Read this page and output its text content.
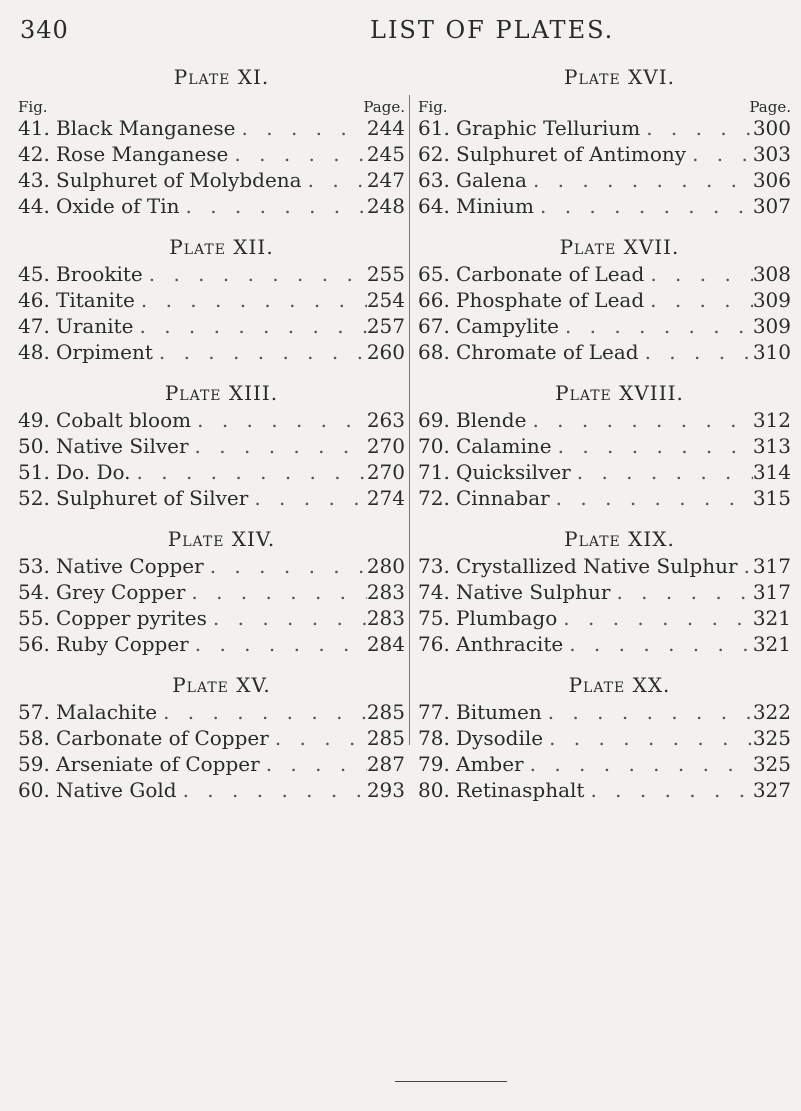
340	LIST OF PLATES.
Plate XI.
Fig.	Page.
41. Black Manganese . . .	244
42. Rose Manganese . . .	245
43. Sulphuret of Molybdena . . .	247
44. Oxide of Tin . . .	248
Plate XII.
45. Brookite . . .	255
46. Titanite . . .	254
47. Uranite . . .	257
48. Orpiment . . .	260
Plate XIII.
49. Cobalt bloom . . .	263
50. Native Silver . . .	270
51. Do. Do. . . .	270
52. Sulphuret of Silver . . .	274
Plate XIV.
53. Native Copper . . .	280
54. Grey Copper . . .	283
55. Copper pyrites . . .	283
56. Ruby Copper . . .	284
Plate XV.
57. Malachite . . .	285
58. Carbonate of Copper . . .	285
59. Arseniate of Copper . . .	287
60. Native Gold . . .	293
Plate XVI.
Fig.	Page.
61. Graphic Tellurium . . .	300
62. Sulphuret of Antimony . . .	303
63. Galena . . .	306
64. Minium . . .	307
Plate XVII.
65. Carbonate of Lead . . .	308
66. Phosphate of Lead . . .	309
67. Campylite . . .	309
68. Chromate of Lead . . .	310
Plate XVIII.
69. Blende . . .	312
70. Calamine . . .	313
71. Quicksilver . . .	314
72. Cinnabar . . .	315
Plate XIX.
73. Crystallized Native Sulphur . . . 317
74. Native Sulphur . . .	317
75. Plumbago . . .	321
76. Anthracite . . .	321
Plate XX.
77. Bitumen . . .	322
78. Dysodile . . .	325
79. Amber . . .	325
80. Retinasphalt . . .	327
